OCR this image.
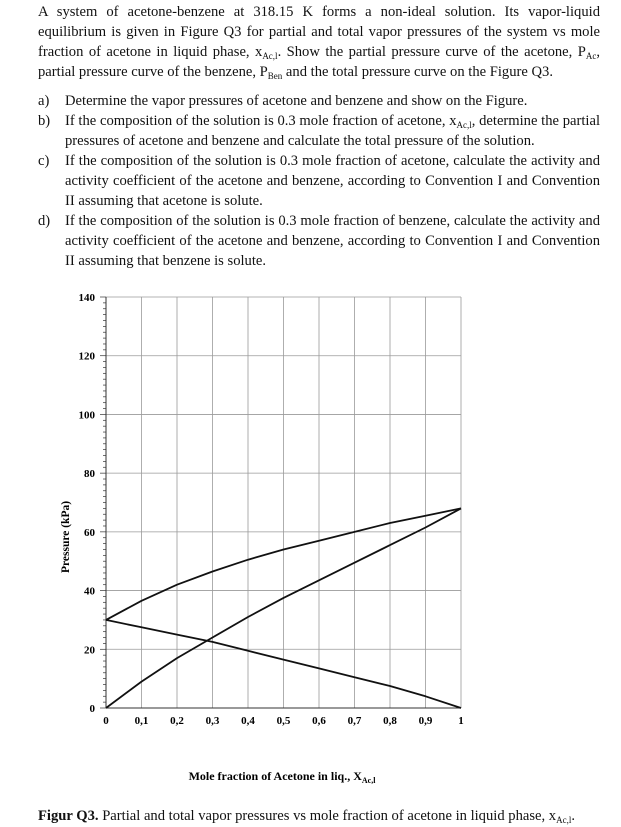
A system of acetone-benzene at 318.15 K forms a non-ideal solution. Its vapor-liquid equilibrium is given in Figure Q3 for partial and total vapor pressures of the system vs mole fraction of acetone in liquid phase, $x_{Ac,l}$. Show the partial pressure curve of the acetone, $P_{Ac}$, partial pressure curve of the benzene, $P_{Ben}$ and the total pressure curve on the Figure Q3.

a) Determine the vapor pressures of acetone and benzene and show on the Figure.
b) If the composition of the solution is 0.3 mole fraction of acetone, $x_{Ac,l}$, determine the partial pressures of acetone and benzene and calculate the total pressure of the solution.
c) If the composition of the solution is 0.3 mole fraction of acetone, calculate the activity and activity coefficient of the acetone and benzene, according to Convention I and Convention II assuming that acetone is solute.
d) If the composition of the solution is 0.3 mole fraction of benzene, calculate the activity and activity coefficient of the acetone and benzene, according to Convention I and Convention II assuming that benzene is solute.
0 0,1 0,2 0,3 0,4 0,5 0,6 0,7 0,8 0,9 1
0
20
40
60
80
100
120
140
Pressure (kPa)
Mole fraction of Acetone in liq., $X_{Ac,l}$

Figur Q3. Partial and total vapor pressures vs mole fraction of acetone in liquid phase, $x_{Ac,l}$.
